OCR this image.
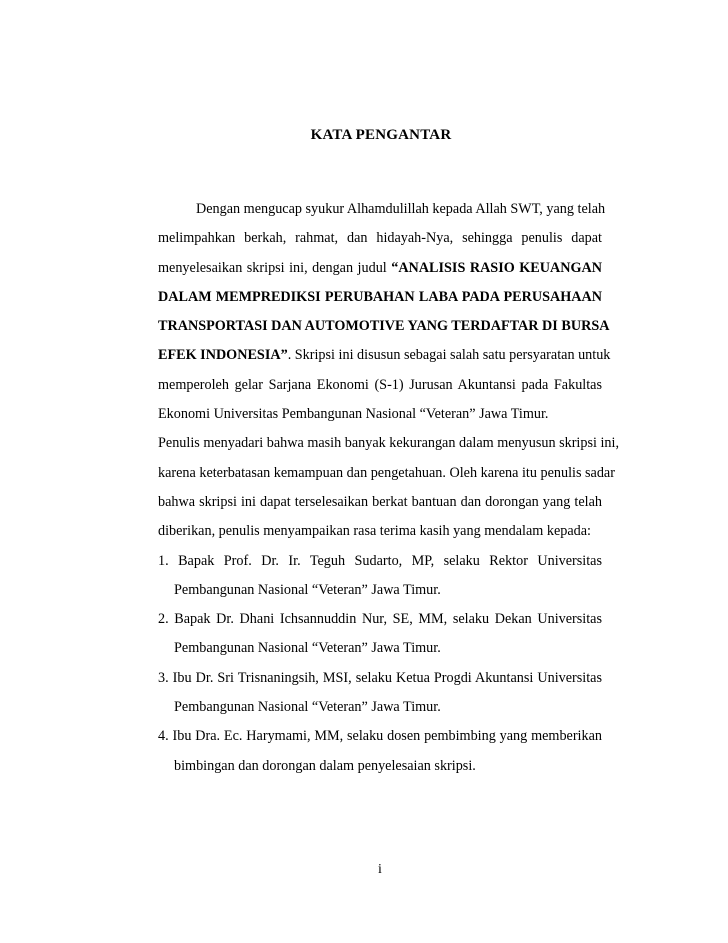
KATA PENGANTAR
Dengan mengucap syukur Alhamdulillah kepada Allah SWT, yang telah
melimpahkan berkah, rahmat, dan hidayah-Nya, sehingga penulis dapat
menyelesaikan skripsi ini, dengan judul “ANALISIS RASIO KEUANGAN
DALAM MEMPREDIKSI PERUBAHAN LABA PADA PERUSAHAAN
TRANSPORTASI DAN AUTOMOTIVE YANG TERDAFTAR DI BURSA
EFEK INDONESIA”. Skripsi ini disusun sebagai salah satu persyaratan untuk
memperoleh gelar Sarjana Ekonomi (S-1) Jurusan Akuntansi pada Fakultas
Ekonomi Universitas Pembangunan Nasional “Veteran” Jawa Timur.
Penulis menyadari bahwa masih banyak kekurangan dalam menyusun skripsi ini,
karena keterbatasan kemampuan dan pengetahuan. Oleh karena itu penulis sadar
bahwa skripsi ini dapat terselesaikan berkat bantuan dan dorongan yang telah
diberikan, penulis menyampaikan rasa terima kasih yang mendalam kepada:
1. Bapak Prof. Dr. Ir. Teguh Sudarto, MP, selaku Rektor Universitas
Pembangunan Nasional “Veteran” Jawa Timur.
2. Bapak Dr. Dhani Ichsannuddin Nur, SE, MM, selaku Dekan Universitas
Pembangunan Nasional “Veteran” Jawa Timur.
3. Ibu Dr. Sri Trisnaningsih, MSI, selaku Ketua Progdi Akuntansi Universitas
Pembangunan Nasional “Veteran” Jawa Timur.
4. Ibu Dra. Ec. Harymami, MM, selaku dosen pembimbing yang memberikan
bimbingan dan dorongan dalam penyelesaian skripsi.
i
